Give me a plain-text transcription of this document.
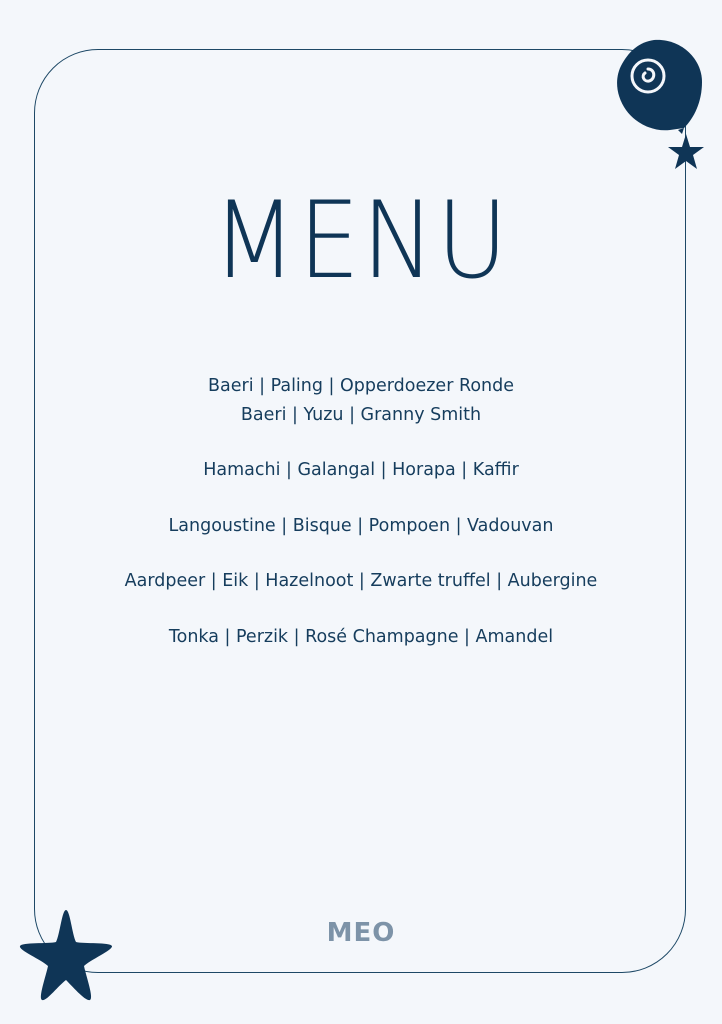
MENU
Baeri | Paling | Opperdoezer Ronde
Baeri | Yuzu | Granny Smith
Hamachi | Galangal | Horapa | Kaffir
Langoustine | Bisque | Pompoen | Vadouvan
Aardpeer | Eik | Hazelnoot | Zwarte truffel | Aubergine
Tonka | Perzik | Rosé Champagne | Amandel
MEO
